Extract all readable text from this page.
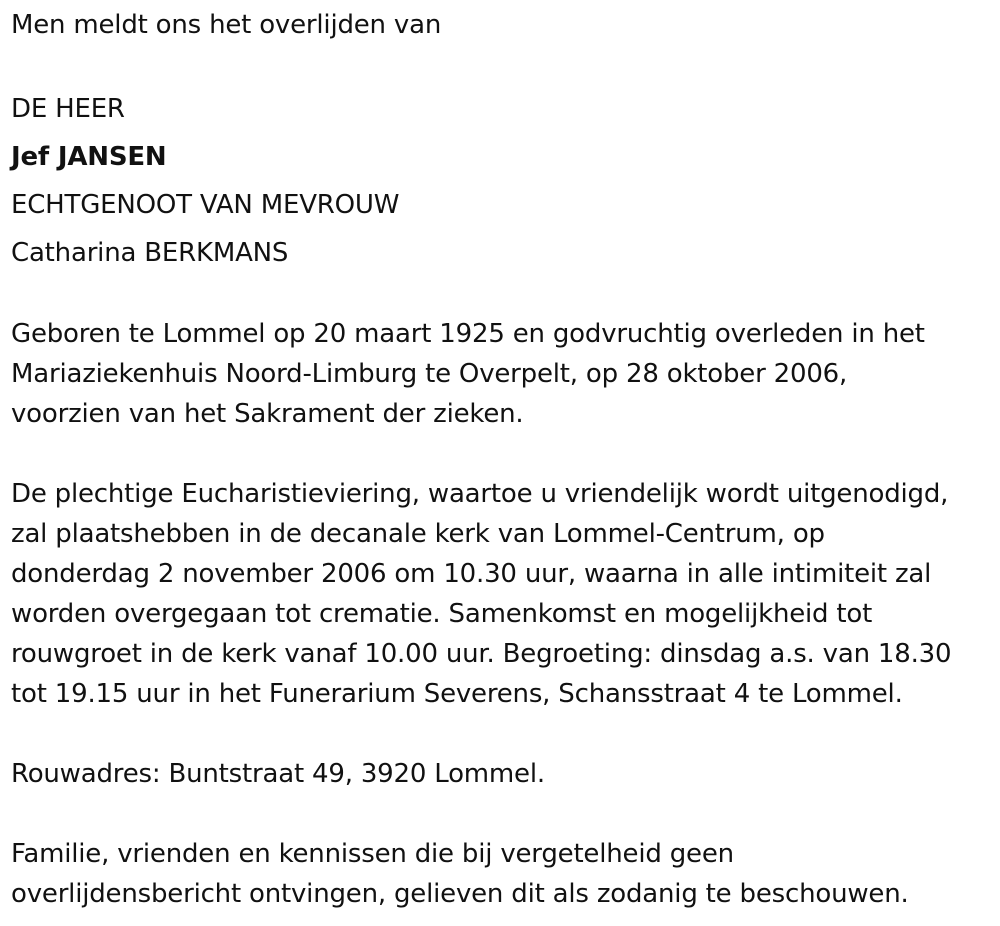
Men meldt ons het overlijden van
DE HEER
Jef JANSEN
ECHTGENOOT VAN MEVROUW
Catharina BERKMANS
Geboren te Lommel op 20 maart 1925 en godvruchtig overleden in het
Mariaziekenhuis Noord-Limburg te Overpelt, op 28 oktober 2006,
voorzien van het Sakrament der zieken.
De plechtige Eucharistieviering, waartoe u vriendelijk wordt uitgenodigd,
zal plaatshebben in de decanale kerk van Lommel-Centrum, op
donderdag 2 november 2006 om 10.30 uur, waarna in alle intimiteit zal
worden overgegaan tot crematie. Samenkomst en mogelijkheid tot
rouwgroet in de kerk vanaf 10.00 uur. Begroeting: dinsdag a.s. van 18.30
tot 19.15 uur in het Funerarium Severens, Schansstraat 4 te Lommel.
Rouwadres: Buntstraat 49, 3920 Lommel.
Familie, vrienden en kennissen die bij vergetelheid geen
overlijdensbericht ontvingen, gelieven dit als zodanig te beschouwen.
